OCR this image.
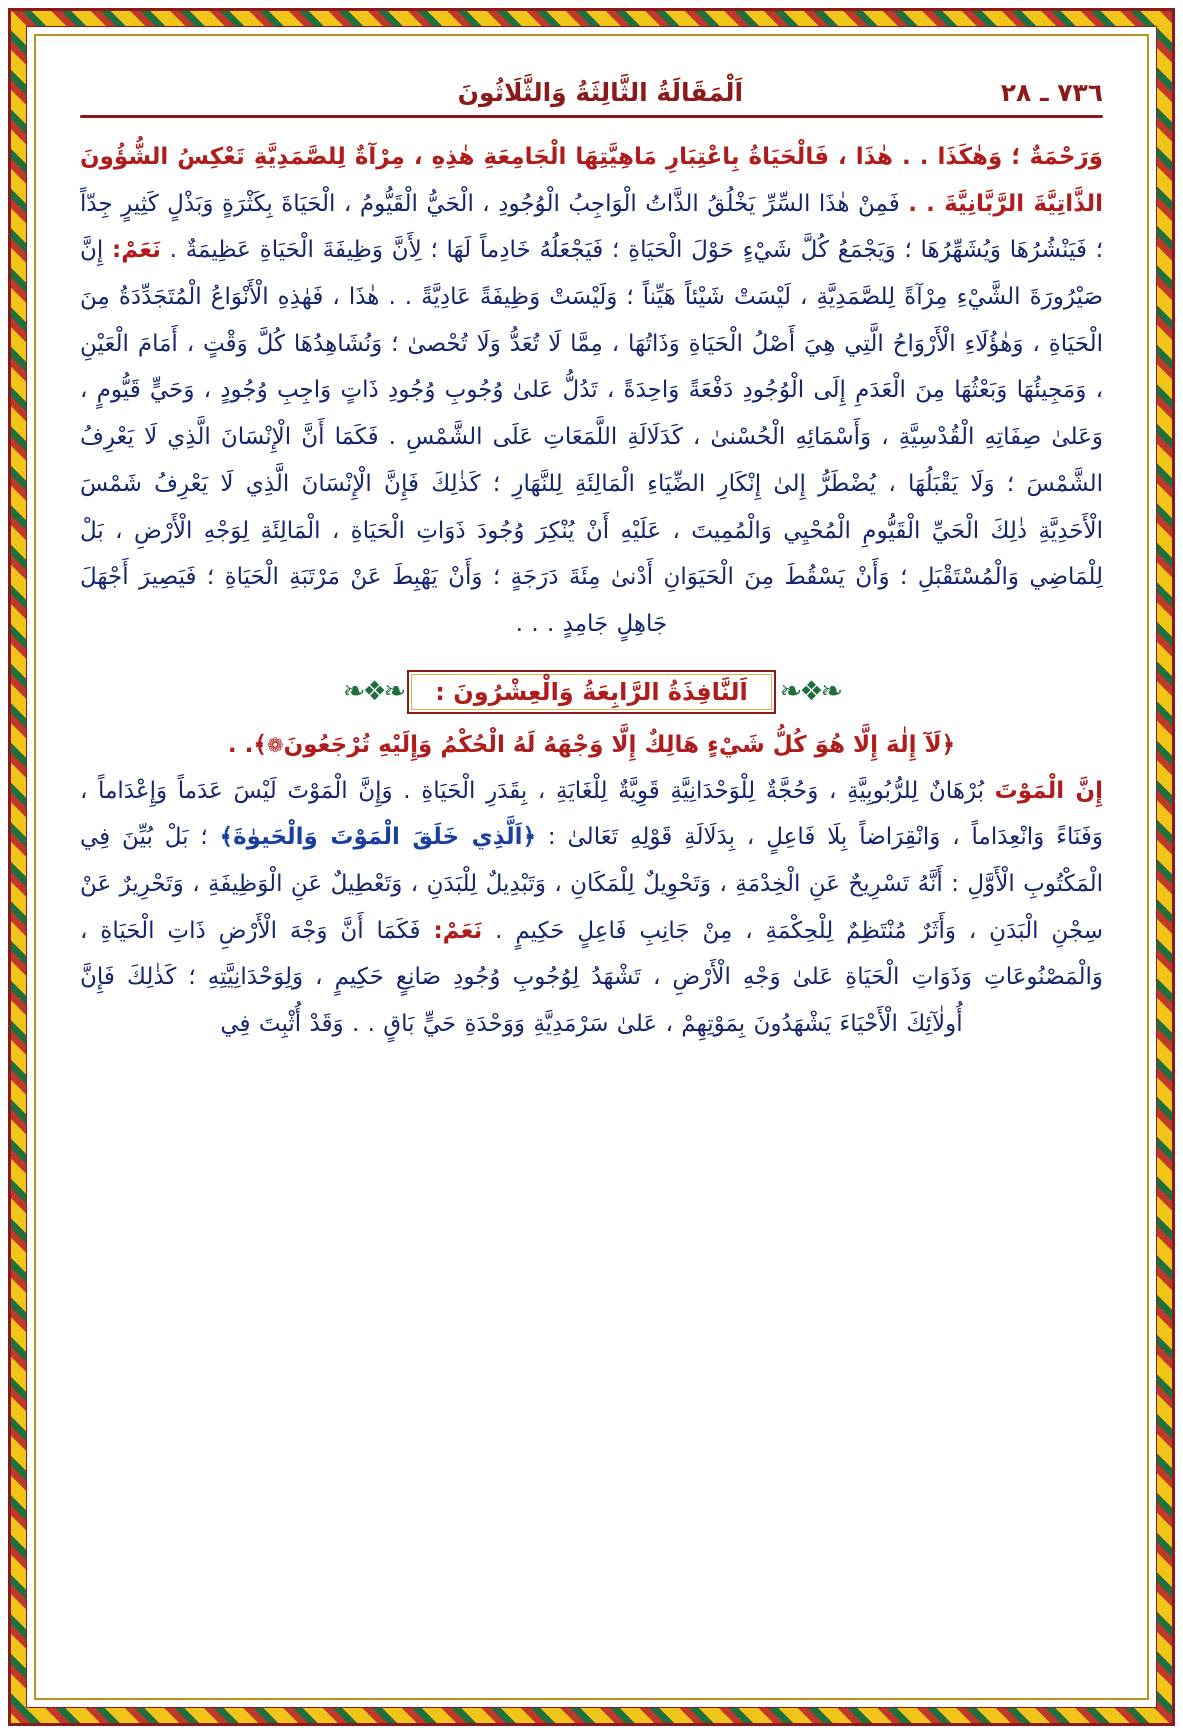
٧٣٦ ـ ٢٨
اَلْمَقَالَةُ الثَّالِثَةُ وَالثَّلَاثُونَ

وَرَحْمَةٌ ؛ وَهٰكَذَا . . هٰذَا ، فَالْحَيَاةُ بِاعْتِبَارِ مَاهِيَّتِهَا الْجَامِعَةِ هٰذِهِ ، مِرْآةٌ لِلصَّمَدِيَّةِ تَعْكِسُ الشُّؤُونَ الذَّاتِيَّةَ الرَّبَّانِيَّةَ . . فَمِنْ هٰذَا السِّرِّ يَخْلُقُ الذَّاتُ الْوَاجِبُ الْوُجُودِ ، الْحَيُّ الْقَيُّومُ ، الْحَيَاةَ بِكَثْرَةٍ وَبَذْلٍ كَثِيرٍ جِدّاً ؛ فَيَنْشُرُهَا وَيُشَهِّرُهَا ؛ وَيَجْمَعُ كُلَّ شَيْءٍ حَوْلَ الْحَيَاةِ ؛ فَيَجْعَلُهُ خَادِماً لَهَا ؛ لِأَنَّ وَظِيفَةَ الْحَيَاةِ عَظِيمَةٌ . نَعَمْ: إِنَّ صَيْرُورَةَ الشَّيْءِ مِرْآةً لِلصَّمَدِيَّةِ ، لَيْسَتْ شَيْئاً هَيِّناً ؛ وَلَيْسَتْ وَظِيفَةً عَادِيَّةً . . هٰذَا ، فَهٰذِهِ الْأَنْوَاعُ الْمُتَجَدِّدَةُ مِنَ الْحَيَاةِ ، وَهٰؤُلَاءِ الْأَرْوَاحُ الَّتِي هِيَ أَصْلُ الْحَيَاةِ وَذَاتُهَا ، مِمَّا لَا تُعَدُّ وَلَا تُحْصىٰ ؛ وَنُشَاهِدُهَا كُلَّ وَقْتٍ ، أَمَامَ الْعَيْنِ ، وَمَجِيئُهَا وَبَعْثُهَا مِنَ الْعَدَمِ إِلَى الْوُجُودِ دَفْعَةً وَاحِدَةً ، تَدُلُّ عَلىٰ وُجُوبِ وُجُودِ ذَاتٍ وَاجِبِ وُجُودٍ ، وَحَيٍّ قَيُّومٍ ، وَعَلىٰ صِفَاتِهِ الْقُدْسِيَّةِ ، وَأَسْمَائِهِ الْحُسْنىٰ ، كَدَلَالَةِ اللَّمَعَاتِ عَلَى الشَّمْسِ . فَكَمَا أَنَّ الْإِنْسَانَ الَّذِي لَا يَعْرِفُ الشَّمْسَ ؛ وَلَا يَقْبَلُهَا ، يُضْطَرُّ إِلىٰ إِنْكَارِ الضِّيَاءِ الْمَالِئَةِ لِلنَّهَارِ ؛ كَذٰلِكَ فَإِنَّ الْإِنْسَانَ الَّذِي لَا يَعْرِفُ شَمْسَ الْأَحَدِيَّةِ ذٰلِكَ الْحَيِّ الْقَيُّومِ الْمُحْيِي وَالْمُمِيتَ ، عَلَيْهِ أَنْ يُنْكِرَ وُجُودَ ذَوَاتِ الْحَيَاةِ ، الْمَالِئَةِ لِوَجْهِ الْأَرْضِ ، بَلْ لِلْمَاضِي وَالْمُسْتَقْبَلِ ؛ وَأَنْ يَسْقُطَ مِنَ الْحَيَوَانِ أَدْنىٰ مِئَةَ دَرَجَةٍ ؛ وَأَنْ يَهْبِطَ عَنْ مَرْتَبَةِ الْحَيَاةِ ؛ فَيَصِيرَ أَجْهَلَ جَاهِلٍ جَامِدٍ . . .

❧❖❧
اَلنَّافِذَةُ الرَّابِعَةُ وَالْعِشْرُونَ :
❧❖❧
﴿لَآ إِلٰهَ إِلَّا هُوَ كُلُّ شَيْءٍ هَالِكٌ إِلَّا وَجْهَهُ لَهُ الْحُكْمُ وَإِلَيْهِ تُرْجَعُونَ❁﴾. .

إِنَّ الْمَوْتَ بُرْهَانٌ لِلرُّبُوبِيَّةِ ، وَحُجَّةٌ لِلْوَحْدَانِيَّةِ قَوِيَّةٌ لِلْغَايَةِ ، بِقَدَرِ الْحَيَاةِ . وَإِنَّ الْمَوْتَ لَيْسَ عَدَماً وَإِعْدَاماً ، وَفَنَاءً وَانْعِدَاماً ، وَانْقِرَاضاً بِلَا فَاعِلٍ ، بِدَلَالَةِ قَوْلِهِ تَعَالىٰ : ﴿اَلَّذِي خَلَقَ الْمَوْتَ وَالْحَيوٰةَ﴾ ؛ بَلْ بُيِّنَ فِي الْمَكْتُوبِ الْأَوَّلِ : أَنَّهُ تَسْرِيحٌ عَنِ الْخِدْمَةِ ، وَتَحْوِيلٌ لِلْمَكَانِ ، وَتَبْدِيلٌ لِلْبَدَنِ ، وَتَعْطِيلٌ عَنِ الْوَظِيفَةِ ، وَتَحْرِيرٌ عَنْ سِجْنِ الْبَدَنِ ، وَأَثَرٌ مُنْتَظِمٌ لِلْحِكْمَةِ ، مِنْ جَانِبِ فَاعِلٍ حَكِيمٍ . نَعَمْ: فَكَمَا أَنَّ وَجْهَ الْأَرْضِ ذَاتِ الْحَيَاةِ ، وَالْمَصْنُوعَاتِ وَذَوَاتِ الْحَيَاةِ عَلىٰ وَجْهِ الْأَرْضِ ، تَشْهَدُ لِوُجُوبِ وُجُودِ صَانِعٍ حَكِيمٍ ، وَلِوَحْدَانِيَّتِهِ ؛ كَذٰلِكَ فَإِنَّ أُولٰآئِكَ الْأَحْيَاءَ يَشْهَدُونَ بِمَوْتِهِمْ ، عَلىٰ سَرْمَدِيَّةِ وَوَحْدَةِ حَيٍّ بَاقٍ . . وَقَدْ أُثْبِتَ فِي
